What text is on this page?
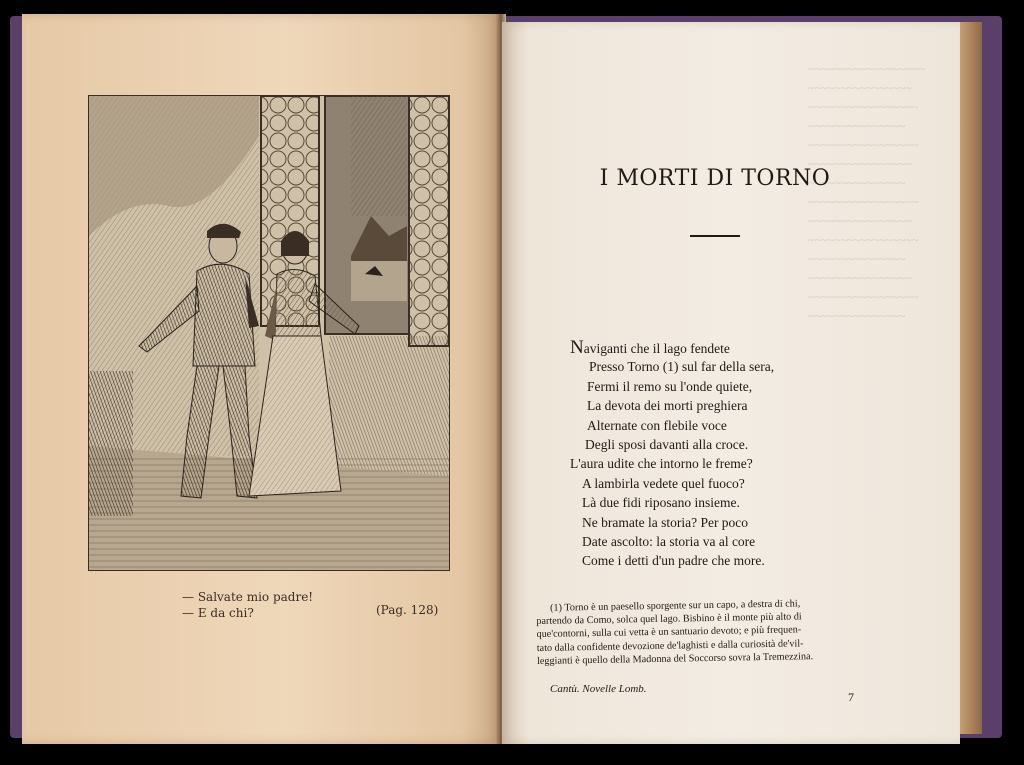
— Salvate mio padre!
— E da chi?	(Pag. 128)
~~~~~~~~~~~~~~~~~~
~~~~~~~~~~~~~~~~
~~~~~~~~~~~~~~~~~
~~~~~~~~~~~~~~~
~~~~~~~~~~~~~~~~~
~~~~~~~~~~~~~~~~
~~~~~~~~~~~~~~~
~~~~~~~~~~~~~~~~~
~~~~~~~~~~~~~~~~
~~~~~~~~~~~~~~~~~
~~~~~~~~~~~~~~~
~~~~~~~~~~~~~~~~
~~~~~~~~~~~~~~~~~
~~~~~~~~~~~~~~~
I MORTI DI TORNO
Naviganti che il lago fendete
Presso Torno (1) sul far della sera,
Fermi il remo su l'onde quiete,
La devota dei morti preghiera
Alternate con flebile voce
Degli sposi davanti alla croce.
L'aura udite che intorno le freme?
A lambirla vedete quel fuoco?
Là due fidi riposano insieme.
Ne bramate la storia? Per poco
Date ascolto: la storia va al core
Come i detti d'un padre che more.
(1) Torno è un paesello sporgente sur un capo, a destra di chi,
partendo da Como, solca quel lago. Bisbino è il monte più alto di
que'contorni, sulla cui vetta è un santuario devoto; e più frequen-
tato dalla confidente devozione de'laghisti e dalla curiosità de'vil-
leggianti è quello della Madonna del Soccorso sovra la Tremezzina.
Cantù. Novelle Lomb.
7
